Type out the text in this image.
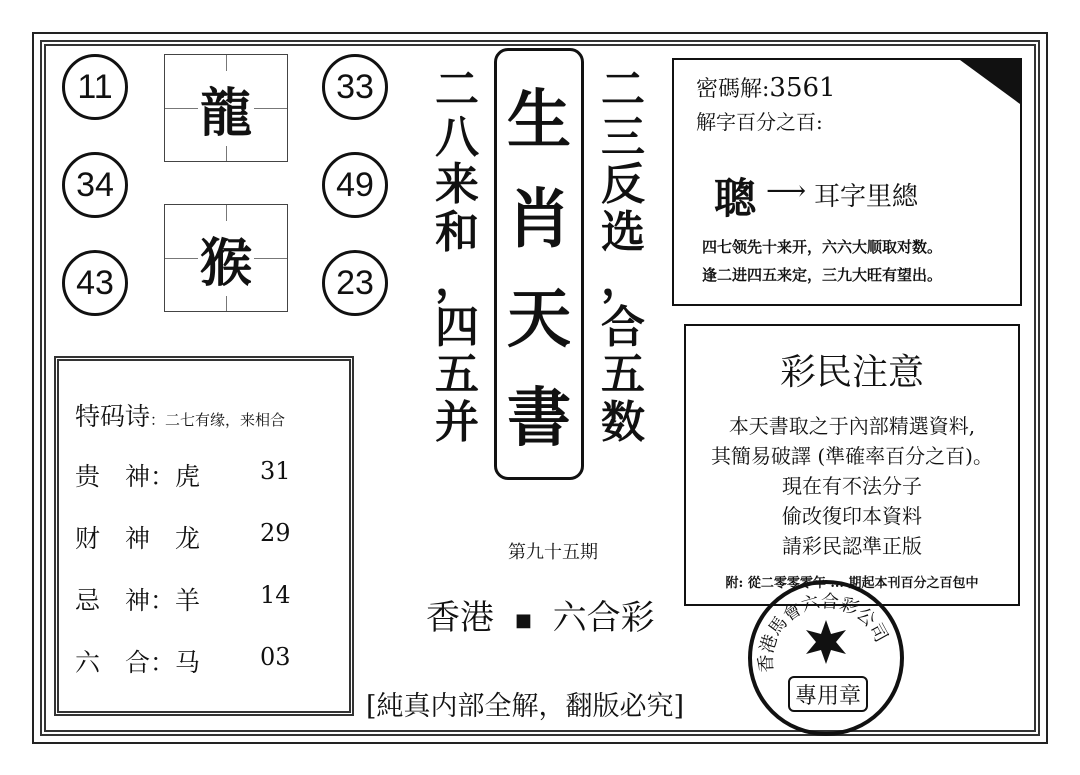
11
34
43
33
49
23
龍
猴
二
八
来
和
，
四
五
并
生
肖
天
書
二
三
反
选
，
合
五
数
密碼解:3561
解字百分之百:
聰 ⟶ 耳字里總
四七领先十来开，六六大顺取对数。
逢二进四五来定，三九大旺有望出。
彩民注意
本天書取之于內部精選資料,
其簡易破譯 (準確率百分之百)。
現在有不法分子
偷改復印本資料
請彩民認準正版
附: 從二零零零年 ... 期起本刊百分之百包中
第九十五期
香港 ■ 六合彩
特码诗：二七有缘，来相合
贵　神：虎 31
财　神　龙 29
忌　神：羊 14
六　合：马 03	香港馬會六合彩公司
專用章
[純真内部全解，翻版必究]
